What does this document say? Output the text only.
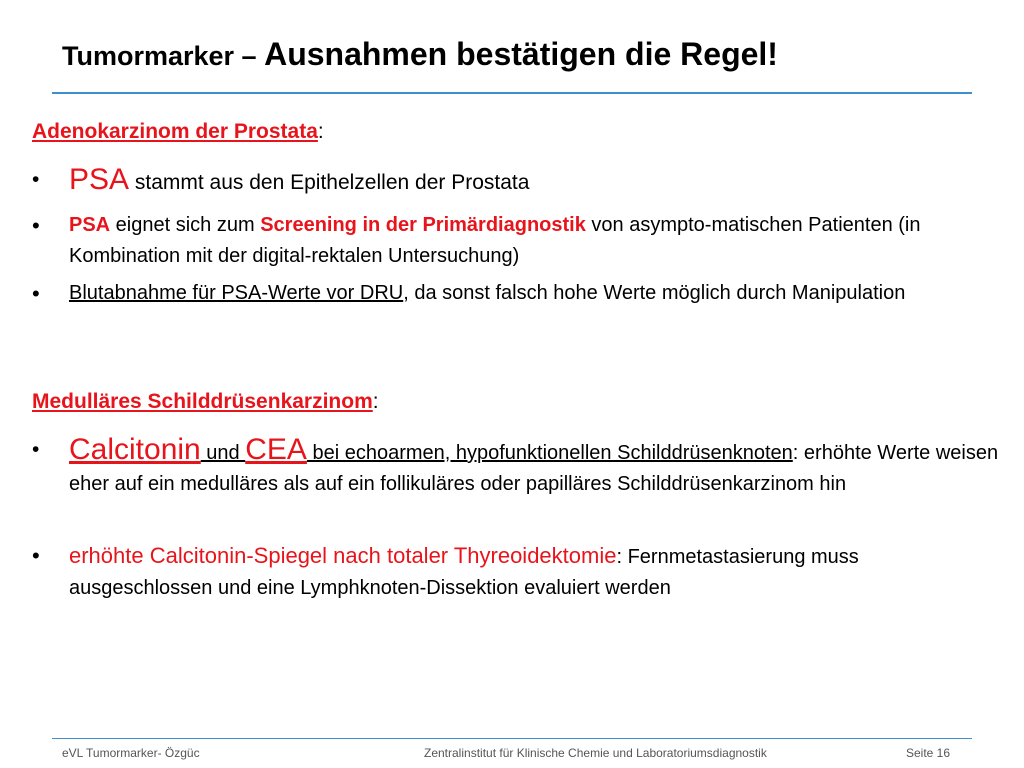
Tumormarker – Ausnahmen bestätigen die Regel!
Adenokarzinom der Prostata:
• PSA stammt aus den Epithelzellen der Prostata
•	PSA eignet sich zum Screening in der Primärdiagnostik von asympto-matischen Patienten (in Kombination mit der digital-rektalen Untersuchung)
•	Blutabnahme für PSA-Werte vor DRU, da sonst falsch hohe Werte möglich durch Manipulation
Medulläres Schilddrüsenkarzinom:
• Calcitonin und CEA bei echoarmen, hypofunktionellen Schilddrüsenknoten: erhöhte Werte weisen eher auf ein medulläres als auf ein follikuläres oder papilläres Schilddrüsenkarzinom hin
•	erhöhte Calcitonin-Spiegel nach totaler Thyreoidektomie: Fernmetastasierung muss ausgeschlossen und eine Lymphknoten-Dissektion evaluiert werden
eVL Tumormarker- Özgüc	Zentralinstitut für Klinische Chemie und Laboratoriumsdiagnostik	Seite 16
